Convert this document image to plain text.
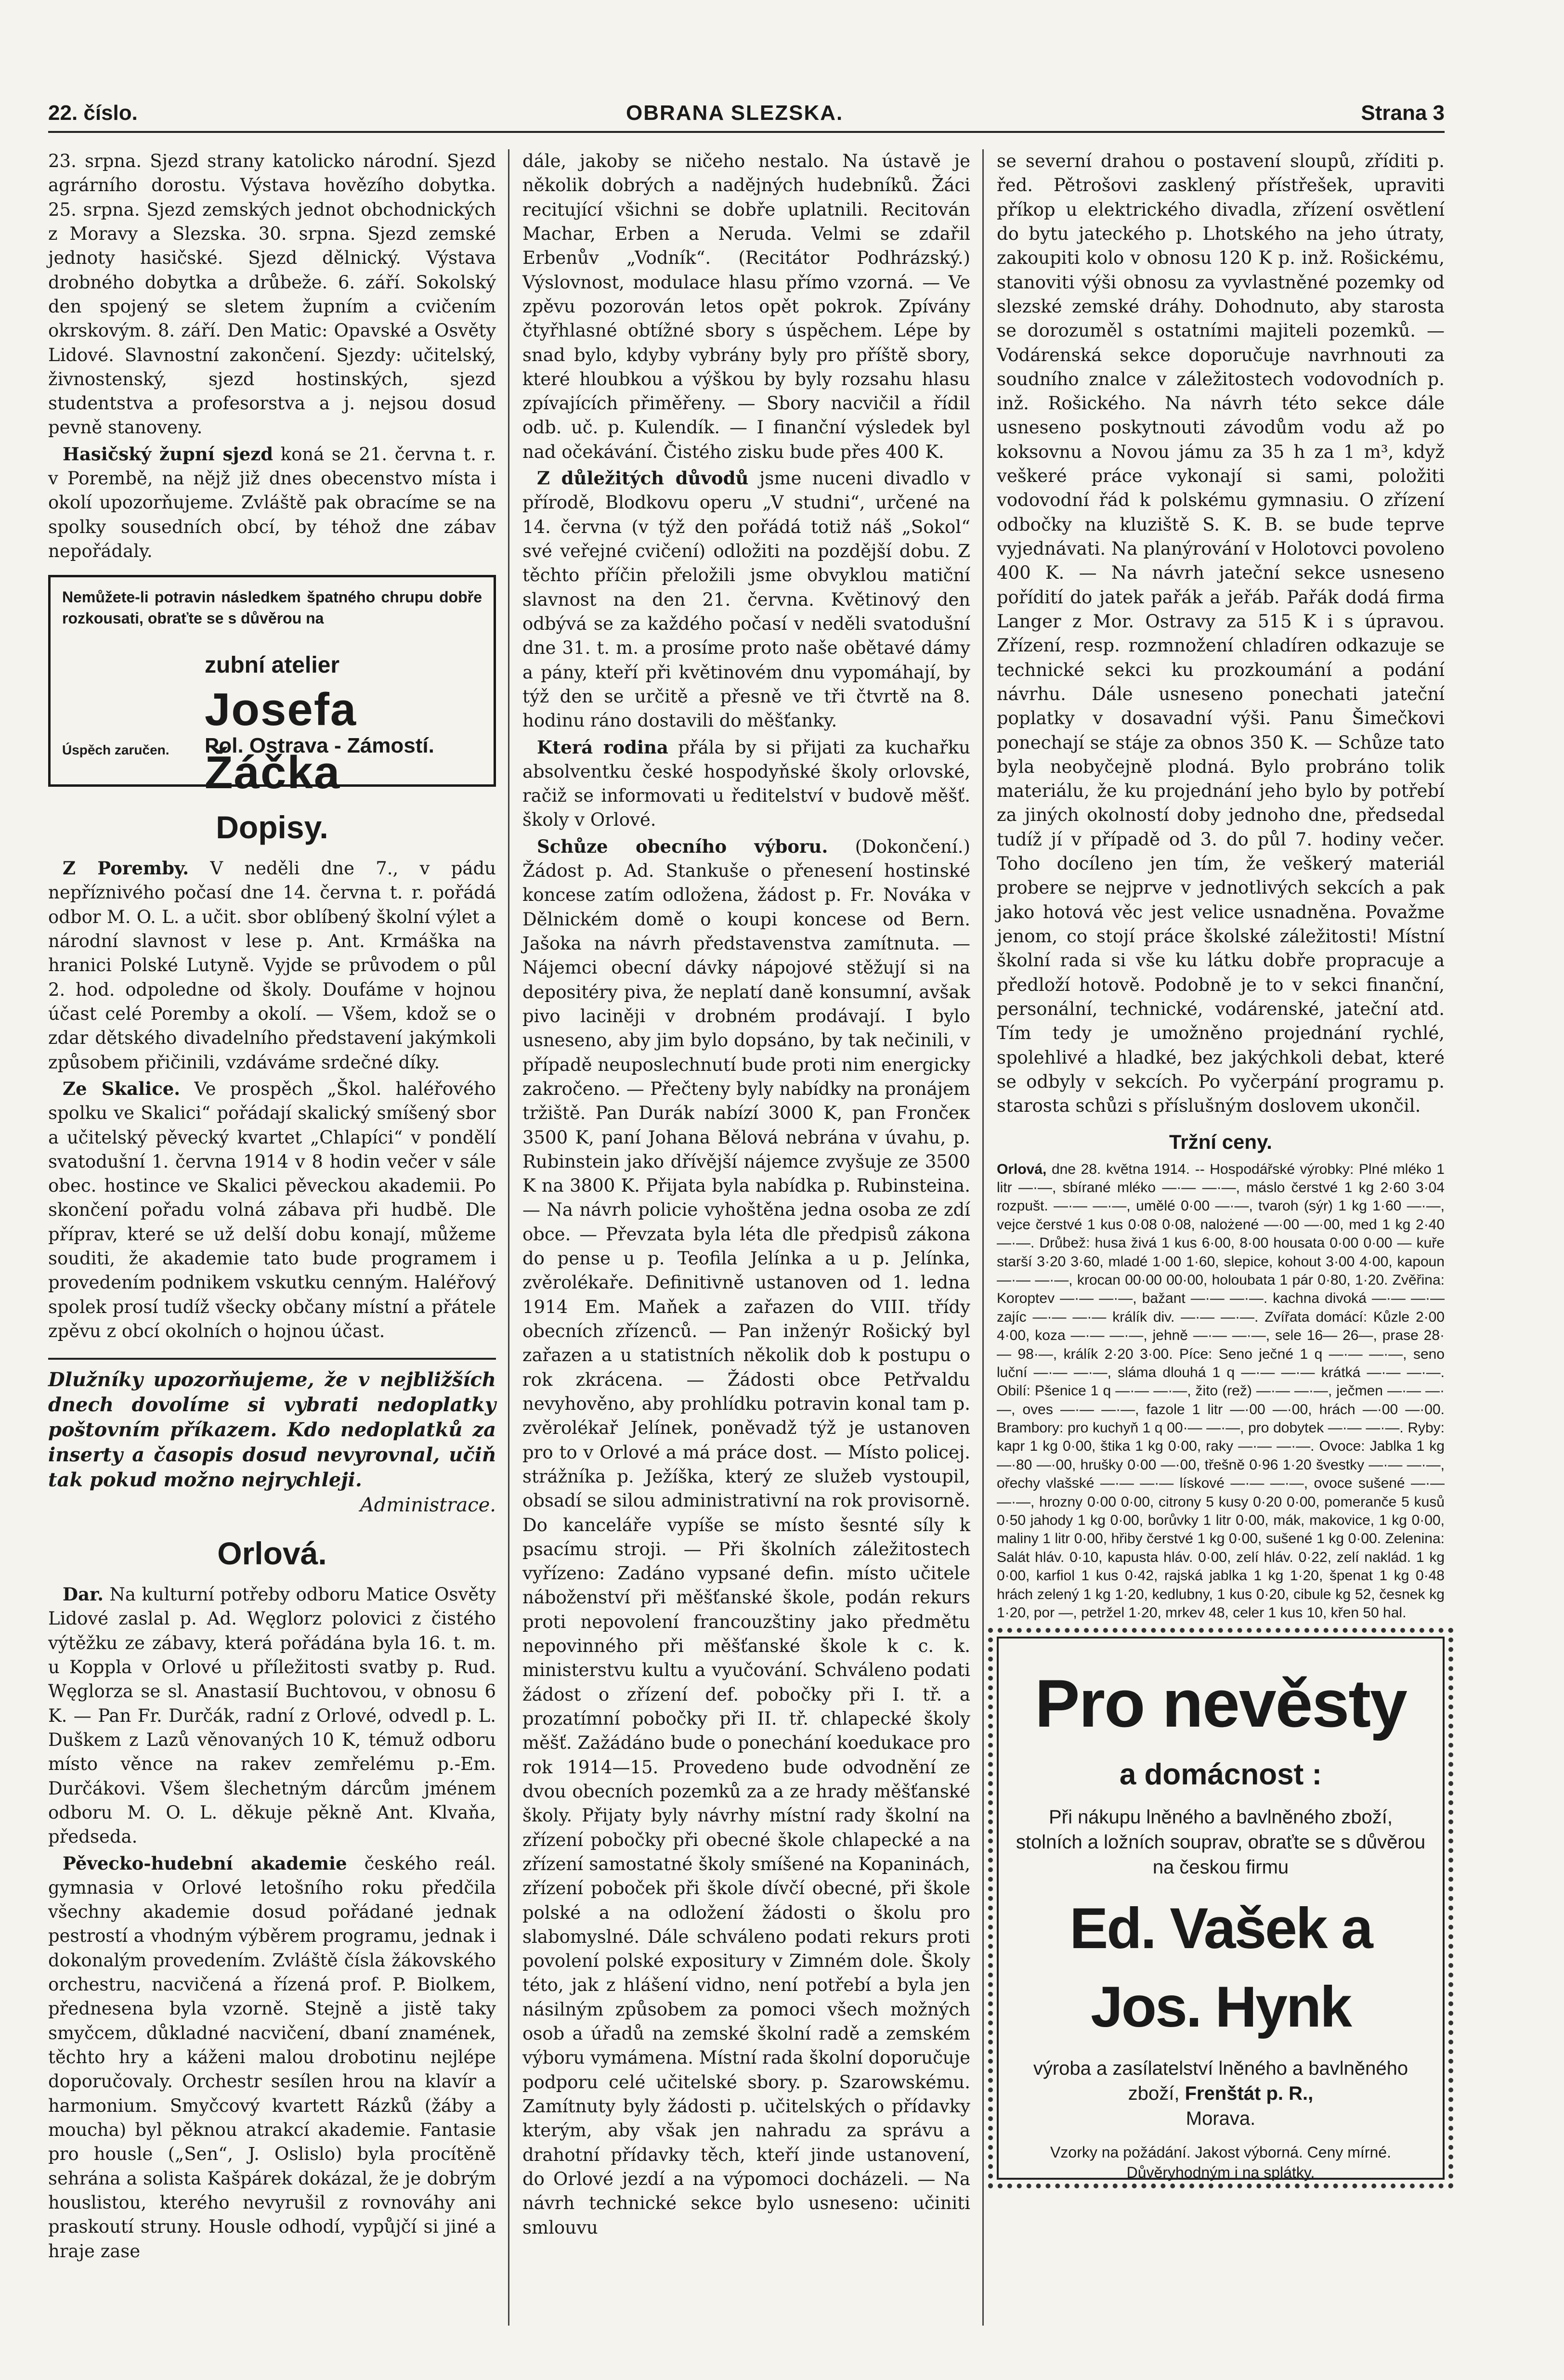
22. číslo.	OBRANA SLEZSKA.	Strana 3

23. srpna. Sjezd strany katolicko národní. Sjezd agrárního dorostu. Výstava hovězího dobytka. 25. srpna. Sjezd zemských jednot obchodnických z Moravy a Slezska. 30. srpna. Sjezd zemské jednoty hasičské. Sjezd dělnický. Výstava drobného dobytka a drůbeže. 6. září. Sokolský den spojený se sletem župním a cvičením okrskovým. 8. září. Den Matic: Opavské a Osvěty Lidové. Slavnostní zakončení. Sjezdy: učitelský, živnostenský, sjezd hostinských, sjezd studentstva a profesorstva a j. nejsou dosud pevně stanoveny.

Hasičský župní sjezd koná se 21. června t. r. v Porembě, na nějž již dnes obecenstvo místa i okolí upozorňujeme. Zvláště pak obracíme se na spolky sousedních obcí, by téhož dne zábav nepořádaly.

Nemůžete-li potravin následkem špatného chrupu dobře rozkousati, obraťte se s důvěrou na
zubní atelier
Josefa Žáčka
Pol. Ostrava - Zámostí.
Úspěch zaručen.
Dopisy.

Z Poremby. V neděli dne 7., v pádu nepříznivého počasí dne 14. června t. r. pořádá odbor M. O. L. a učit. sbor oblíbený školní výlet a národní slavnost v lese p. Ant. Krmáška na hranici Polské Lutyně. Vyjde se průvodem o půl 2. hod. odpoledne od školy. Doufáme v hojnou účast celé Poremby a okolí. — Všem, kdož se o zdar dětského divadelního představení jakýmkoli způsobem přičinili, vzdáváme srdečné díky.

Ze Skalice. Ve prospěch „Škol. haléřového spolku ve Skalici“ pořádají skalický smíšený sbor a učitelský pěvecký kvartet „Chlapíci“ v pondělí svatodušní 1. června 1914 v 8 hodin večer v sále obec. hostince ve Skalici pěveckou akademii. Po skončení pořadu volná zábava při hudbě. Dle příprav, které se už delší dobu konají, můžeme souditi, že akademie tato bude programem i provedením podnikem vskutku cenným. Haléřový spolek prosí tudíž všecky občany místní a přátele zpěvu z obcí okolních o hojnou účast.

Dlužníky upozorňujeme, že v nejbližších dnech dovolíme si vybrati nedoplatky poštovním příkazem. Kdo nedoplatků za inserty a časopis dosud nevyrovnal, učiň tak pokud možno nejrychleji.
Administrace.
Orlová.

Dar. Na kulturní potřeby odboru Matice Osvěty Lidové zaslal p. Ad. Węglorz polovici z čistého výtěžku ze zábavy, která pořádána byla 16. t. m. u Koppla v Orlové u příležitosti svatby p. Rud. Węglorza se sl. Anastasií Buchtovou, v obnosu 6 K. — Pan Fr. Durčák, radní z Orlové, odvedl p. L. Duškem z Lazů věnovaných 10 K, témuž odboru místo věnce na rakev zemřelému p.-Em. Durčákovi. Všem šlechetným dárcům jménem odboru M. O. L. děkuje pěkně Ant. Klvaňa, předseda.

Pěvecko-hudební akademie českého reál. gymnasia v Orlové letošního roku předčila všechny akademie dosud pořádané jednak pestrostí a vhodným výběrem programu, jednak i dokonalým provedením. Zvláště čísla žákovského orchestru, nacvičená a řízená prof. P. Biolkem, přednesena byla vzorně. Stejně a jistě taky smyčcem, důkladné nacvičení, dbaní znamének, těchto hry a káženi malou drobotinu nejlépe doporučovaly. Orchestr sesílen hrou na klavír a harmonium. Smyčcový kvartett Rázků (žáby a moucha) byl pěknou atrakcí akademie. Fantasie pro housle („Sen“, J. Oslislo) byla procítěně sehrána a solista Kašpárek dokázal, že je dobrým houslistou, kterého nevyrušil z rovnováhy ani praskoutí struny. Housle odhodí, vypůjčí si jiné a hraje zase

dále, jakoby se ničeho nestalo. Na ústavě je několik dobrých a nadějných hudebníků. Žáci recitující všichni se dobře uplatnili. Recitován Machar, Erben a Neruda. Velmi se zdařil Erbenův „Vodník“. (Recitátor Podhrázský.) Výslovnost, modulace hlasu přímo vzorná. — Ve zpěvu pozorován letos opět pokrok. Zpívány čtyřhlasné obtížné sbory s úspěchem. Lépe by snad bylo, kdyby vybrány byly pro příště sbory, které hloubkou a výškou by byly rozsahu hlasu zpívajících přiměřeny. — Sbory nacvičil a řídil odb. uč. p. Kulendík. — I finanční výsledek byl nad očekávání. Čistého zisku bude přes 400 K.

Z důležitých důvodů jsme nuceni divadlo v přírodě, Blodkovu operu „V studni“, určené na 14. června (v týž den pořádá totiž náš „Sokol“ své veřejné cvičení) odložiti na pozdější dobu. Z těchto příčin přeložili jsme obvyklou matiční slavnost na den 21. června. Květinový den odbývá se za každého počasí v neděli svatodušní dne 31. t. m. a prosíme proto naše obětavé dámy a pány, kteří při květinovém dnu vypomáhají, by týž den se určitě a přesně ve tři čtvrtě na 8. hodinu ráno dostavili do měšťanky.

Která rodina přála by si přijati za kuchařku absolventku české hospodyňské školy orlovské, račiž se informovati u ředitelství v budově měšť. školy v Orlové.

Schůze obecního výboru. (Dokončení.) Žádost p. Ad. Stankuše o přenesení hostinské koncese zatím odložena, žádost p. Fr. Nováka v Dělnickém domě o koupi koncese od Bern. Jašoka na návrh představenstva zamítnuta. — Nájemci obecní dávky nápojové stěžují si na depositéry piva, že neplatí daně konsumní, avšak pivo laciněji v drobném prodávají. I bylo usneseno, aby jim bylo dopsáno, by tak nečinili, v případě neuposlechnutí bude proti nim energicky zakročeno. — Přečteny byly nabídky na pronájem tržiště. Pan Durák nabízí 3000 K, pan Frončeк 3500 K, paní Johana Bělová nebrána v úvahu, p. Rubinstein jako dřívější nájemce zvyšuje ze 3500 K na 3800 K. Přijata byla nabídka p. Rubinsteina. — Na návrh policie vyhoštěna jedna osoba ze zdí obce. — Převzata byla léta dle předpisů zákona do pense u p. Teofila Jelínka a u p. Jelínka, zvěrolékaře. Definitivně ustanoven od 1. ledna 1914 Em. Maňek a zařazen do VIII. třídy obecních zřízenců. — Pan inženýr Rošický byl zařazen a u statistních několik dob k postupu o rok zkrácena. — Žádosti obce Petřvaldu nevyhověno, aby prohlídku potravin konal tam p. zvěrolékař Jelínek, poněvadž týž je ustanoven pro to v Orlové a má práce dost. — Místo policej. strážníka p. Ježíška, který ze služeb vystoupil, obsadí se silou administrativní na rok provisorně. Do kanceláře vypíše se místo šesnté síly k psacímu stroji. — Při školních záležitostech vyřízeno: Zadáno vypsané defin. místo učitele náboženství při měšťanské škole, podán rekurs proti nepovolení francouzštiny jako předmětu nepovinného při měšťanské škole k c. k. ministerstvu kultu a vyučování. Schváleno podati žádost o zřízení def. pobočky při I. tř. a prozatímní pobočky při II. tř. chlapecké školy měšť. Zažádáno bude o ponechání koedukace pro rok 1914—15. Provedeno bude odvodnění ze dvou obecních pozemků za a ze hrady měšťanské školy. Přijaty byly návrhy místní rady školní na zřízení pobočky při obecné škole chlapecké a na zřízení samostatné školy smíšené na Kopaninách, zřízení poboček při škole dívčí obecné, při škole polské a na odložení žádosti o školu pro slabomyslné. Dále schváleno podati rekurs proti povolení polské expositury v Zimném dole. Školy této, jak z hlášení vidno, není potřebí a byla jen násilným způsobem za pomoci všech možných osob a úřadů na zemské školní radě a zemském výboru vymámena. Místní rada školní doporučuje podporu celé učitelské sbory. p. Szarowskému. Zamítnuty byly žádosti p. učitelských o přídavky kterým, aby však jen nahradu za správu a drahotní přídavky těch, kteří jinde ustanovení, do Orlové jezdí a na výpomoci docházeli. — Na návrh technické sekce bylo usneseno: učiniti smlouvu

se severní drahou o postavení sloupů, zříditi p. řed. Pětrošovi zasklený přístřešek, upraviti příkop u elektrického divadla, zřízení osvětlení do bytu jateckého p. Lhotského na jeho útraty, zakoupiti kolo v obnosu 120 K p. inž. Rošickému, stanoviti výši obnosu za vyvlastněné pozemky od slezské zemské dráhy. Dohodnuto, aby starosta se dorozuměl s ostatními majiteli pozemků. — Vodárenská sekce doporučuje navrhnouti za soudního znalce v záležitostech vodovodních p. inž. Rošického. Na návrh této sekce dále usneseno poskytnouti závodům vodu až po koksovnu a Novou jámu za 35 h za 1 m³, když veškeré práce vykonají si sami, položiti vodovodní řád k polskému gymnasiu. O zřízení odbočky na kluziště S. K. B. se bude teprve vyjednávati. Na planýrování v Holotovci povoleno 400 K. — Na návrh jateční sekce usneseno pořídití do jatek pařák a jeřáb. Pařák dodá firma Langer z Mor. Ostravy za 515 K i s úpravou. Zřízení, resp. rozmnožení chladíren odkazuje se technické sekci ku prozkoumání a podání návrhu. Dále usneseno ponechati jateční poplatky v dosavadní výši. Panu Šimečkovi ponechají se stáje za obnos 350 K. — Schůze tato byla neobyčejně plodná. Bylo probráno tolik materiálu, že ku projednání jeho bylo by potřebí za jiných okolností doby jednoho dne, předsedal tudíž jí v případě od 3. do půl 7. hodiny večer. Toho docíleno jen tím, že veškerý materiál probere se nejprve v jednotlivých sekcích a pak jako hotová věc jest velice usnadněna. Považme jenom, co stojí práce školské záležitosti! Místní školní rada si vše ku látku dobře propracuje a předloží hotově. Podobně je to v sekci finanční, personální, technické, vodárenské, jateční atd. Tím tedy je umožněno projednání rychlé, spolehlivé a hladké, bez jakýchkoli debat, které se odbyly v sekcích. Po vyčerpání programu p. starosta schůzi s příslušným doslovem ukončil.

Tržní ceny.
Orlová, dne 28. května 1914. -- Hospodářské výrobky: Plné mléko 1 litr —·—, sbírané mléko —·— —·—, máslo čerstvé 1 kg 2·60 3·04 rozpušt. —·— —·—, umělé 0·00 —·—, tvaroh (sýr) 1 kg 1·60 —·—, vejce čerstvé 1 kus 0·08 0·08, nalożené —·00 —·00, med 1 kg 2·40 —·—. Drůbež: husa živá 1 kus 6·00, 8·00 housata 0·00 0·00 — kuře starší 3·20 3·60, mladé 1·00 1·60, slepice, kohout 3·00 4·00, kapoun —·— —·—, krocan 00·00 00·00, holoubata 1 pár 0·80, 1·20. Zvěřina: Koroptev —·— —·—, bažant —·— —·—. kachna divoká —·— —·— zajíc —·— —·— králík div. —·— —·—. Zvířata domácí: Kůzle 2·00 4·00, koza —·— —·—, jehně —·— —·—, sele 16— 26—, prase 28·— 98·—, králík 2·20 3·00. Píce: Seno ječné 1 q —·— —·—, seno luční —·— —·—, sláma dlouhá 1 q —·— —·— krátká —·— —·—. Obilí: Pšenice 1 q —·— —·—, žito (rež) —·— —·—, ječmen —·— —·—, oves —·— —·—, fazole 1 litr —·00 —·00, hrách —·00 —·00. Brambory: pro kuchyň 1 q 00·— —·—, pro dobytek —·— —·—. Ryby: kapr 1 kg 0·00, štika 1 kg 0·00, raky —·— —·—. Ovoce: Jablka 1 kg —·80 —·00, hrušky 0·00 —·00, třešně 0·96 1·20 švestky —·— —·—, ořechy vlašské —·— —·— lískové —·— —·—, ovoce sušené —·— —·—, hrozny 0·00 0·00, citrony 5 kusy 0·20 0·00, pomeranče 5 kusů 0·50 jahody 1 kg 0·00, borůvky 1 litr 0·00, mák, makovice, 1 kg 0·00, maliny 1 litr 0·00, hřiby čerstvé 1 kg 0·00, sušené 1 kg 0·00. Zelenina: Salát hláv. 0·10, kapusta hláv. 0·00, zelí hláv. 0·22, zelí naklád. 1 kg 0·00, karfiol 1 kus 0·42, rajská jablka 1 kg 1·20, špenat 1 kg 0·48 hrách zelený 1 kg 1·20, kedlubny, 1 kus 0·20, cibule kg 52, česnek kg 1·20, por —, petržel 1·20, mrkev 48, celer 1 kus 10, křen 50 hal.
Pro nevěsty
a domácnost :
Při nákupu lněného a bavlněného zboží, stolních a ložních souprav, obraťte se s důvěrou na českou firmu
Ed. Vašek a Jos. Hynk
výroba a zasílatelství lněného a bavlněného zboží, Frenštát p. R.,
Morava.
Vzorky na požádání. Jakost výborná. Ceny mírné.
Důvěryhodným i na splátky.
